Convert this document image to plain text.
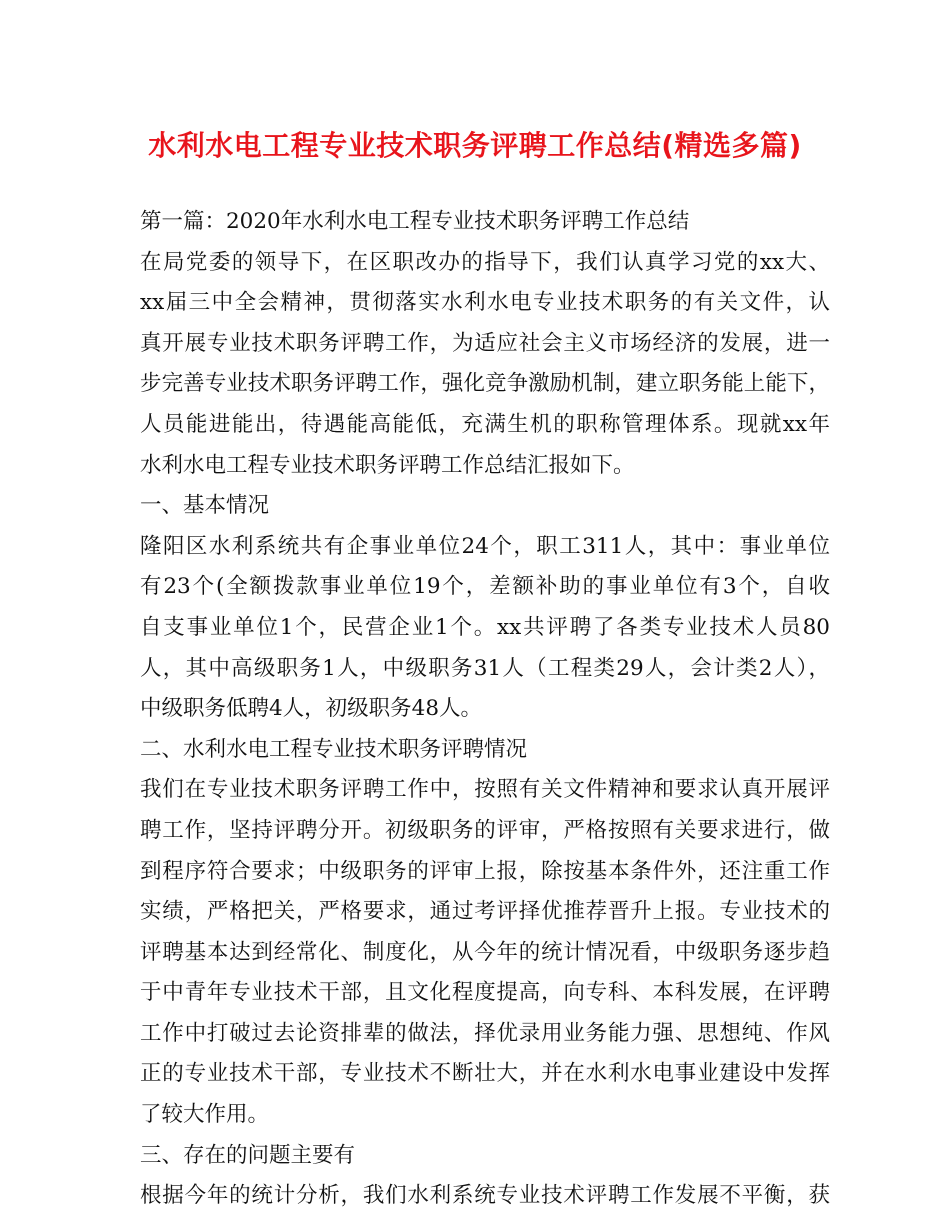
水利水电工程专业技术职务评聘工作总结(精选多篇)
第一篇：2020年水利水电工程专业技术职务评聘工作总结
在局党委的领导下，在区职改办的指导下，我们认真学习党的xx大、
xx届三中全会精神，贯彻落实水利水电专业技术职务的有关文件，认
真开展专业技术职务评聘工作，为适应社会主义市场经济的发展，进一
步完善专业技术职务评聘工作，强化竞争激励机制，建立职务能上能下，
人员能进能出，待遇能高能低，充满生机的职称管理体系。现就xx年
水利水电工程专业技术职务评聘工作总结汇报如下。
一、基本情况
隆阳区水利系统共有企事业单位24个，职工311人，其中：事业单位
有23个(全额拨款事业单位19个，差额补助的事业单位有3个，自收
自支事业单位1个，民营企业1个。xx共评聘了各类专业技术人员80
人，其中高级职务1人，中级职务31人（工程类29人，会计类2人），
中级职务低聘4人，初级职务48人。
二、水利水电工程专业技术职务评聘情况
我们在专业技术职务评聘工作中，按照有关文件精神和要求认真开展评
聘工作，坚持评聘分开。初级职务的评审，严格按照有关要求进行，做
到程序符合要求；中级职务的评审上报，除按基本条件外，还注重工作
实绩，严格把关，严格要求，通过考评择优推荐晋升上报。专业技术的
评聘基本达到经常化、制度化，从今年的统计情况看，中级职务逐步趋
于中青年专业技术干部，且文化程度提高，向专科、本科发展，在评聘
工作中打破过去论资排辈的做法，择优录用业务能力强、思想纯、作风
正的专业技术干部，专业技术不断壮大，并在水利水电事业建设中发挥
了较大作用。
三、存在的问题主要有
根据今年的统计分析，我们水利系统专业技术评聘工作发展不平衡，获
